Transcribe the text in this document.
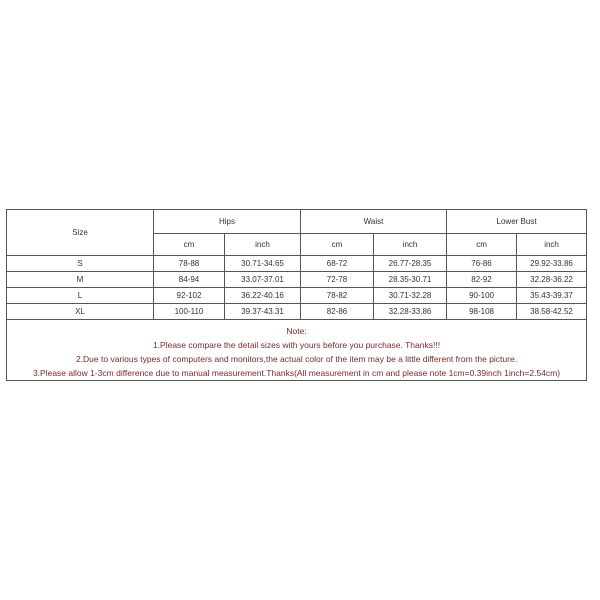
Size	Hips		Waist		Lower Bust	
	cm	inch	cm	inch	cm	inch
S	78-88	30.71-34.65	68-72	26.77-28.35	76-86	29.92-33.86
M	84-94	33.07-37.01	72-78	28.35-30.71	82-92	32.28-36.22
L	92-102	36.22-40.16	78-82	30.71-32.28	90-100	35.43-39.37
XL	100-110	39.37-43.31	82-86	32.28-33.86	98-108	38.58-42.52

Note:
1.Please compare the detail sizes with yours before you purchase. Thanks!!!
2.Due to various types of computers and monitors,the actual color of the item may be a little different from the picture.
3.Please allow 1-3cm difference due to manual measurement.Thanks(All measurement in cm and please note 1cm=0.39inch 1inch=2.54cm)						
